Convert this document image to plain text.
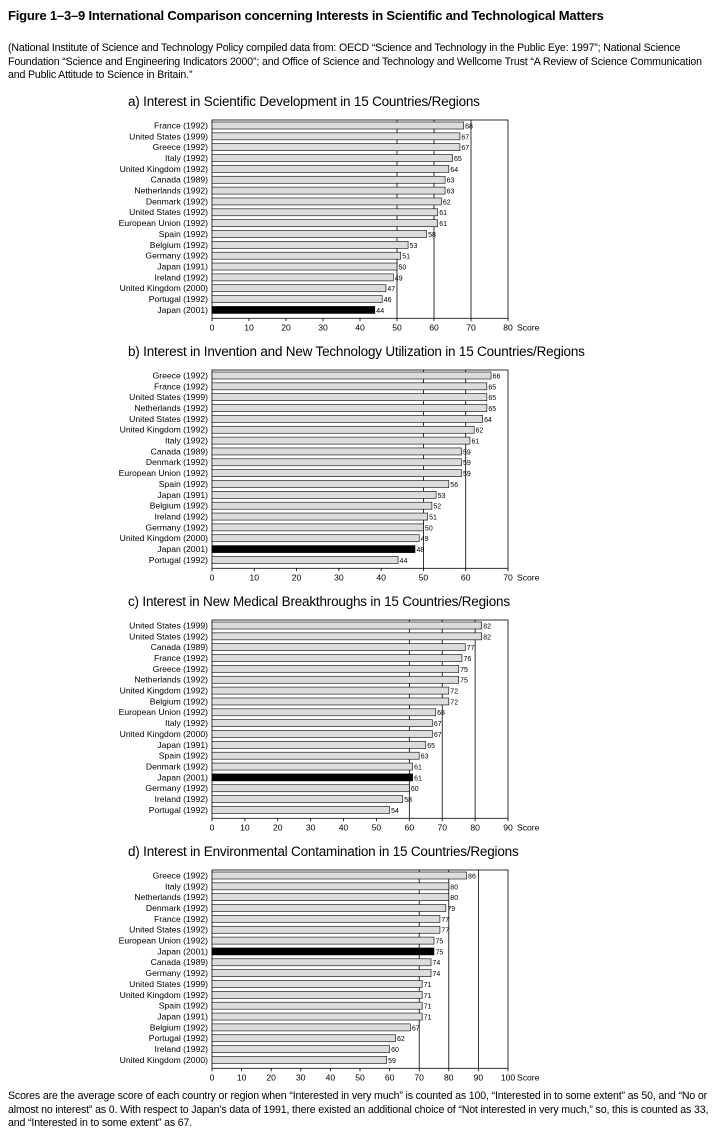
Figure 1–3–9 International Comparison concerning Interests in Scientific and Technological Matters
(National Institute of Science and Technology Policy compiled data from: OECD “Science and Technology in the Public Eye: 1997”; National Science Foundation “Science and Engineering Indicators 2000”; and Office of Science and Technology and Wellcome Trust “A Review of Science Communication and Public Attitude to Science in Britain.”
a) Interest in Scientific Development in 15 Countries/Regions
France (1992)	68
United States (1999)	67
Greece (1992)	67
Italy (1992)	65
United Kingdom (1992)	64
Canada (1989)	63
Netherlands (1992)	63
Denmark (1992)	62
United States (1992)	61
European Union (1992)	61
Spain (1992)	58
Belgium (1992)	53
Germany (1992)	51
Japan (1991)	50
Ireland (1992)	49
United Kingdom (2000)	47
Portugal (1992)	46
Japan (2001)	44
0	10	20	30	40	50	60	70	80 Score
b) Interest in Invention and New Technology Utilization in 15 Countries/Regions
Greece (1992)	66
France (1992)	65
United States (1999)	65
Netherlands (1992)	65
United States (1992)	64
United Kingdom (1992)	62
Italy (1992)	61
Canada (1989)	59
Denmark (1992)	59
European Union (1992)	59
Spain (1992)	56
Japan (1991)	53
Belgium (1992)	52
Ireland (1992)	51
Germany (1992)	50
United Kingdom (2000)	49
Japan (2001)	48
Portugal (1992)	44
0	10	20	30	40	50	60	70 Score
c) Interest in New Medical Breakthroughs in 15 Countries/Regions
United States (1999)	82
United States (1992)	82
Canada (1989)	77
France (1992)	76
Greece (1992)	75
Netherlands (1992)	75
United Kingdom (1992)	72
Belgium (1992)	72
European Union (1992)	68
Italy (1992)	67
United Kingdom (2000)	67
Japan (1991)	65
Spain (1992)	63
Denmark (1992)	61
Japan (2001)	61
Germany (1992)	60
Ireland (1992)	58
Portugal (1992)	54
0	10	20	30	40	50	60	70	80	90 Score
d) Interest in Environmental Contamination in 15 Countries/Regions
Greece (1992)	86
Italy (1992)	80
Netherlands (1992)	80
Denmark (1992)	79
France (1992)	77
United States (1992)	77
European Union (1992)	75
Japan (2001)	75
Canada (1989)	74
Germany (1992)	74
United States (1999)	71
United Kingdom (1992)	71
Spain (1992)	71
Japan (1991)	71
Belgium (1992)	67
Portugal (1992)	62
Ireland (1992)	60
United Kingdom (2000)	59
0	10 20 30 40 50 60 70 80 90 100 Score
Scores are the average score of each country or region when “Interested in very much” is counted as 100, “Interested in to some extent” as 50, and “No or almost no interest” as 0. With respect to Japan’s data of 1991, there existed an additional choice of “Not interested in very much,” so, this is counted as 33, and “Interested in to some extent” as 67.
